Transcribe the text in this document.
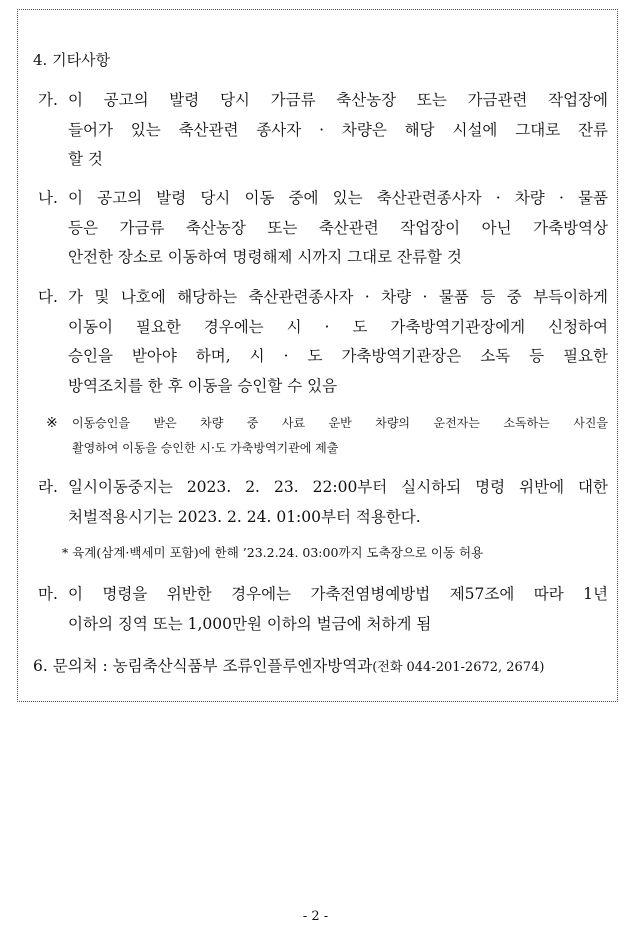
4. 기타사항
가. 이 공고의 발령 당시 가금류 축산농장 또는 가금관련 작업장에
들어가 있는 축산관련 종사자 · 차량은 해당 시설에 그대로 잔류
할 것
나. 이 공고의 발령 당시 이동 중에 있는 축산관련종사자 · 차량 · 물품
등은 가금류 축산농장 또는 축산관련 작업장이 아닌 가축방역상
안전한 장소로 이동하여 명령해제 시까지 그대로 잔류할 것
다. 가 및 나호에 해당하는 축산관련종사자 · 차량 · 물품 등 중 부득이하게
이동이 필요한 경우에는 시 · 도 가축방역기관장에게 신청하여
승인을 받아야 하며, 시 · 도 가축방역기관장은 소독 등 필요한
방역조치를 한 후 이동을 승인할 수 있음
※ 이동승인을 받은 차량 중 사료 운반 차량의 운전자는 소독하는 사진을
촬영하여 이동을 승인한 시·도 가축방역기관에 제출
라. 일시이동중지는 2023. 2. 23. 22:00부터 실시하되 명령 위반에 대한
처벌적용시기는 2023. 2. 24. 01:00부터 적용한다.
* 육계(삼계·백세미 포함)에 한해 ’23.2.24. 03:00까지 도축장으로 이동 허용
마. 이 명령을 위반한 경우에는 가축전염병예방법 제57조에 따라 1년
이하의 징역 또는 1,000만원 이하의 벌금에 처하게 됨
6. 문의처 : 농림축산식품부 조류인플루엔자방역과(전화 044-201-2672, 2674)
- 2 -
